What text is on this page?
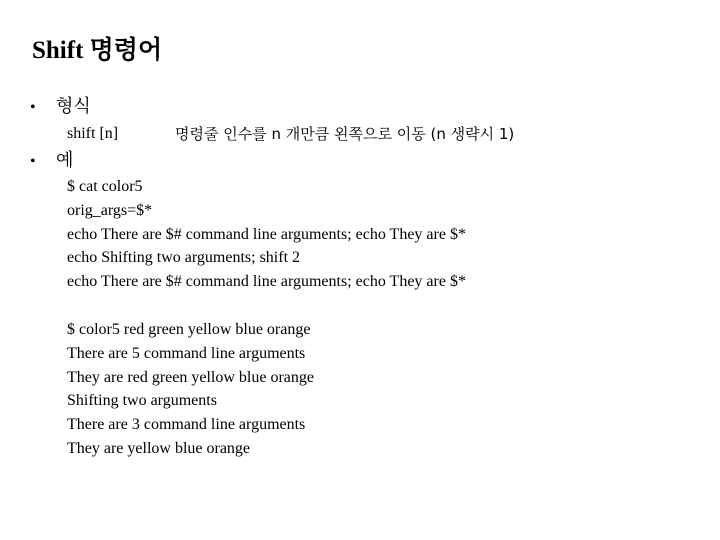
Shift 명령어
• 형식
shift [n]	명령줄 인수를 n 개만큼 왼쪽으로 이동 (n 생략시 1)
• 예
$ cat color5
orig_args=$*
echo There are $# command line arguments; echo They are $*
echo Shifting two arguments; shift 2
echo There are $# command line arguments; echo They are $*
$ color5 red green yellow blue orange
There are 5 command line arguments
They are red green yellow blue orange
Shifting two arguments
There are 3 command line arguments
They are yellow blue orange
